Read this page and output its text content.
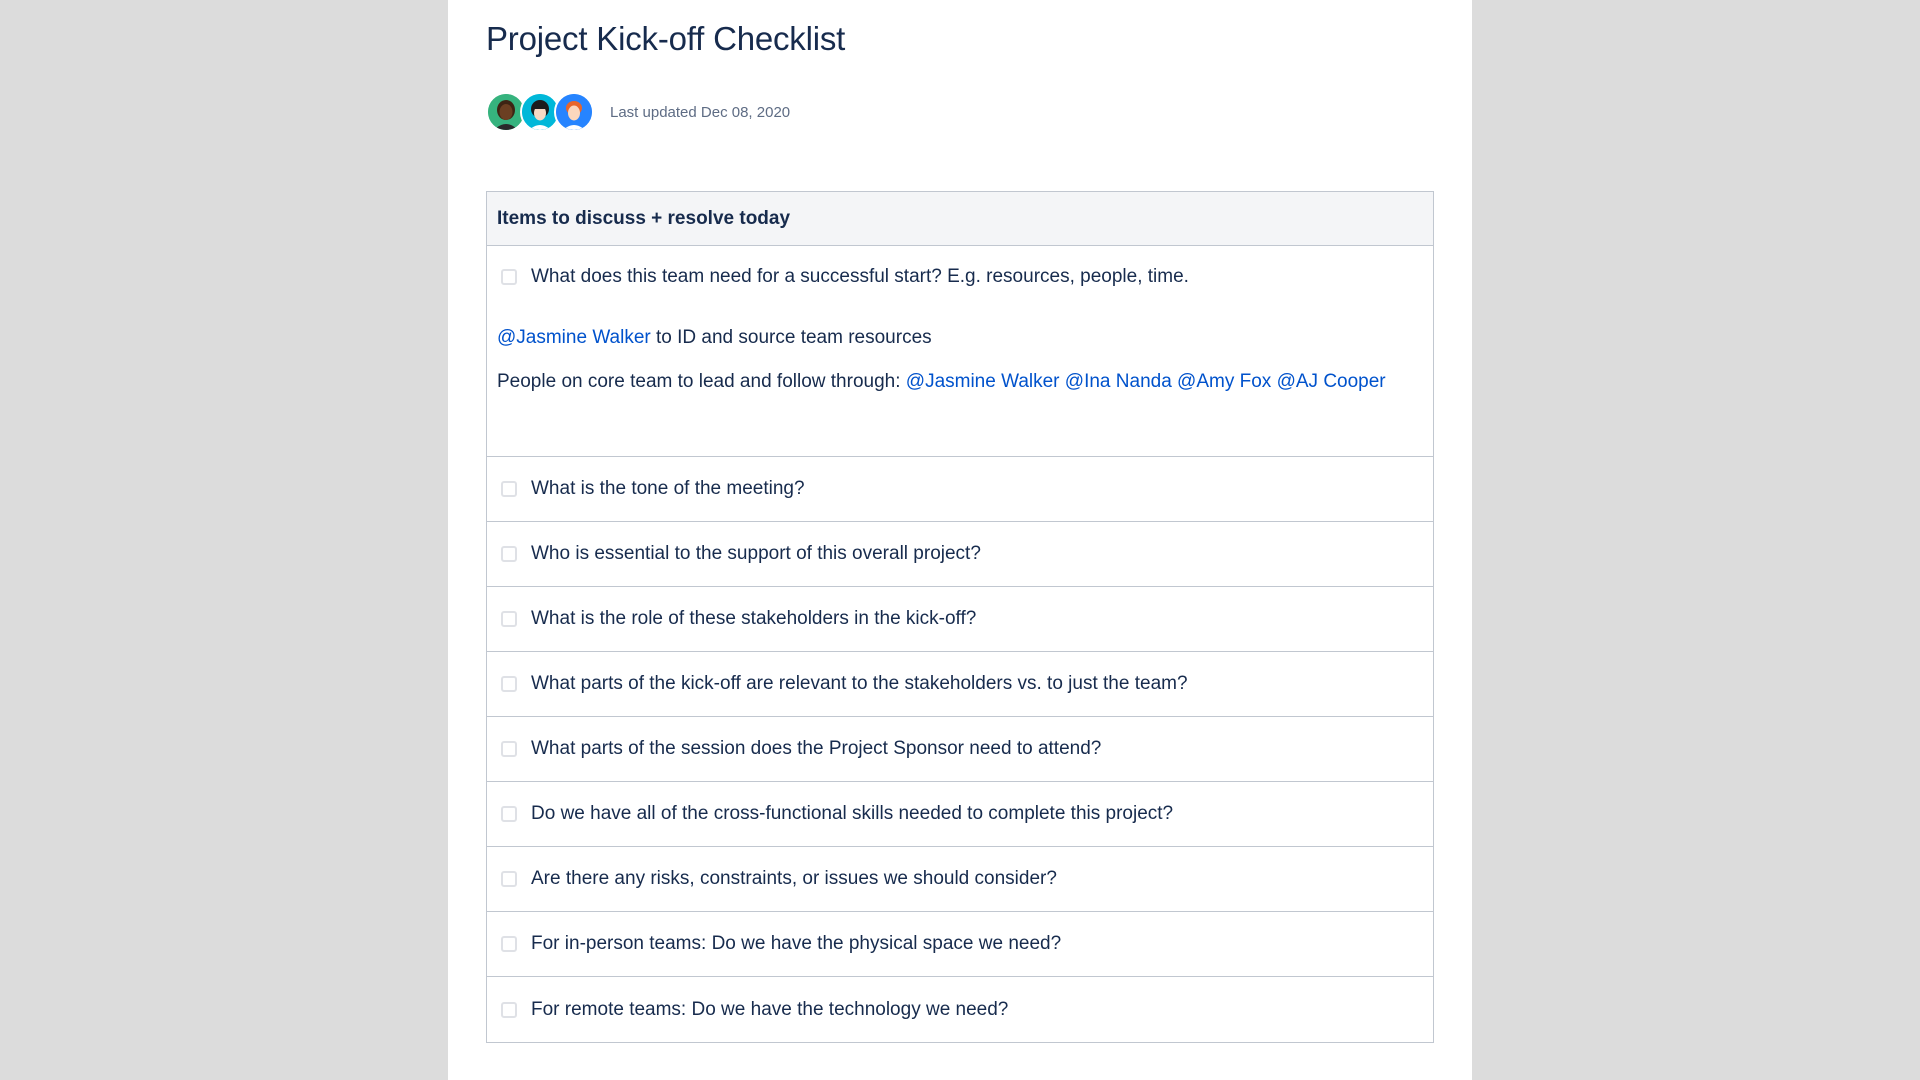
Project Kick-off Checklist
Last updated Dec 08, 2020
Items to discuss + resolve today
What does this team need for a successful start? E.g. resources, people, time.
@Jasmine Walker to ID and source team resources
People on core team to lead and follow through: @Jasmine Walker @Ina Nanda @Amy Fox @AJ Cooper
What is the tone of the meeting?
Who is essential to the support of this overall project?
What is the role of these stakeholders in the kick-off?
What parts of the kick-off are relevant to the stakeholders vs. to just the team?
What parts of the session does the Project Sponsor need to attend?
Do we have all of the cross-functional skills needed to complete this project?
Are there any risks, constraints, or issues we should consider?
For in-person teams: Do we have the physical space we need?
For remote teams: Do we have the technology we need?
